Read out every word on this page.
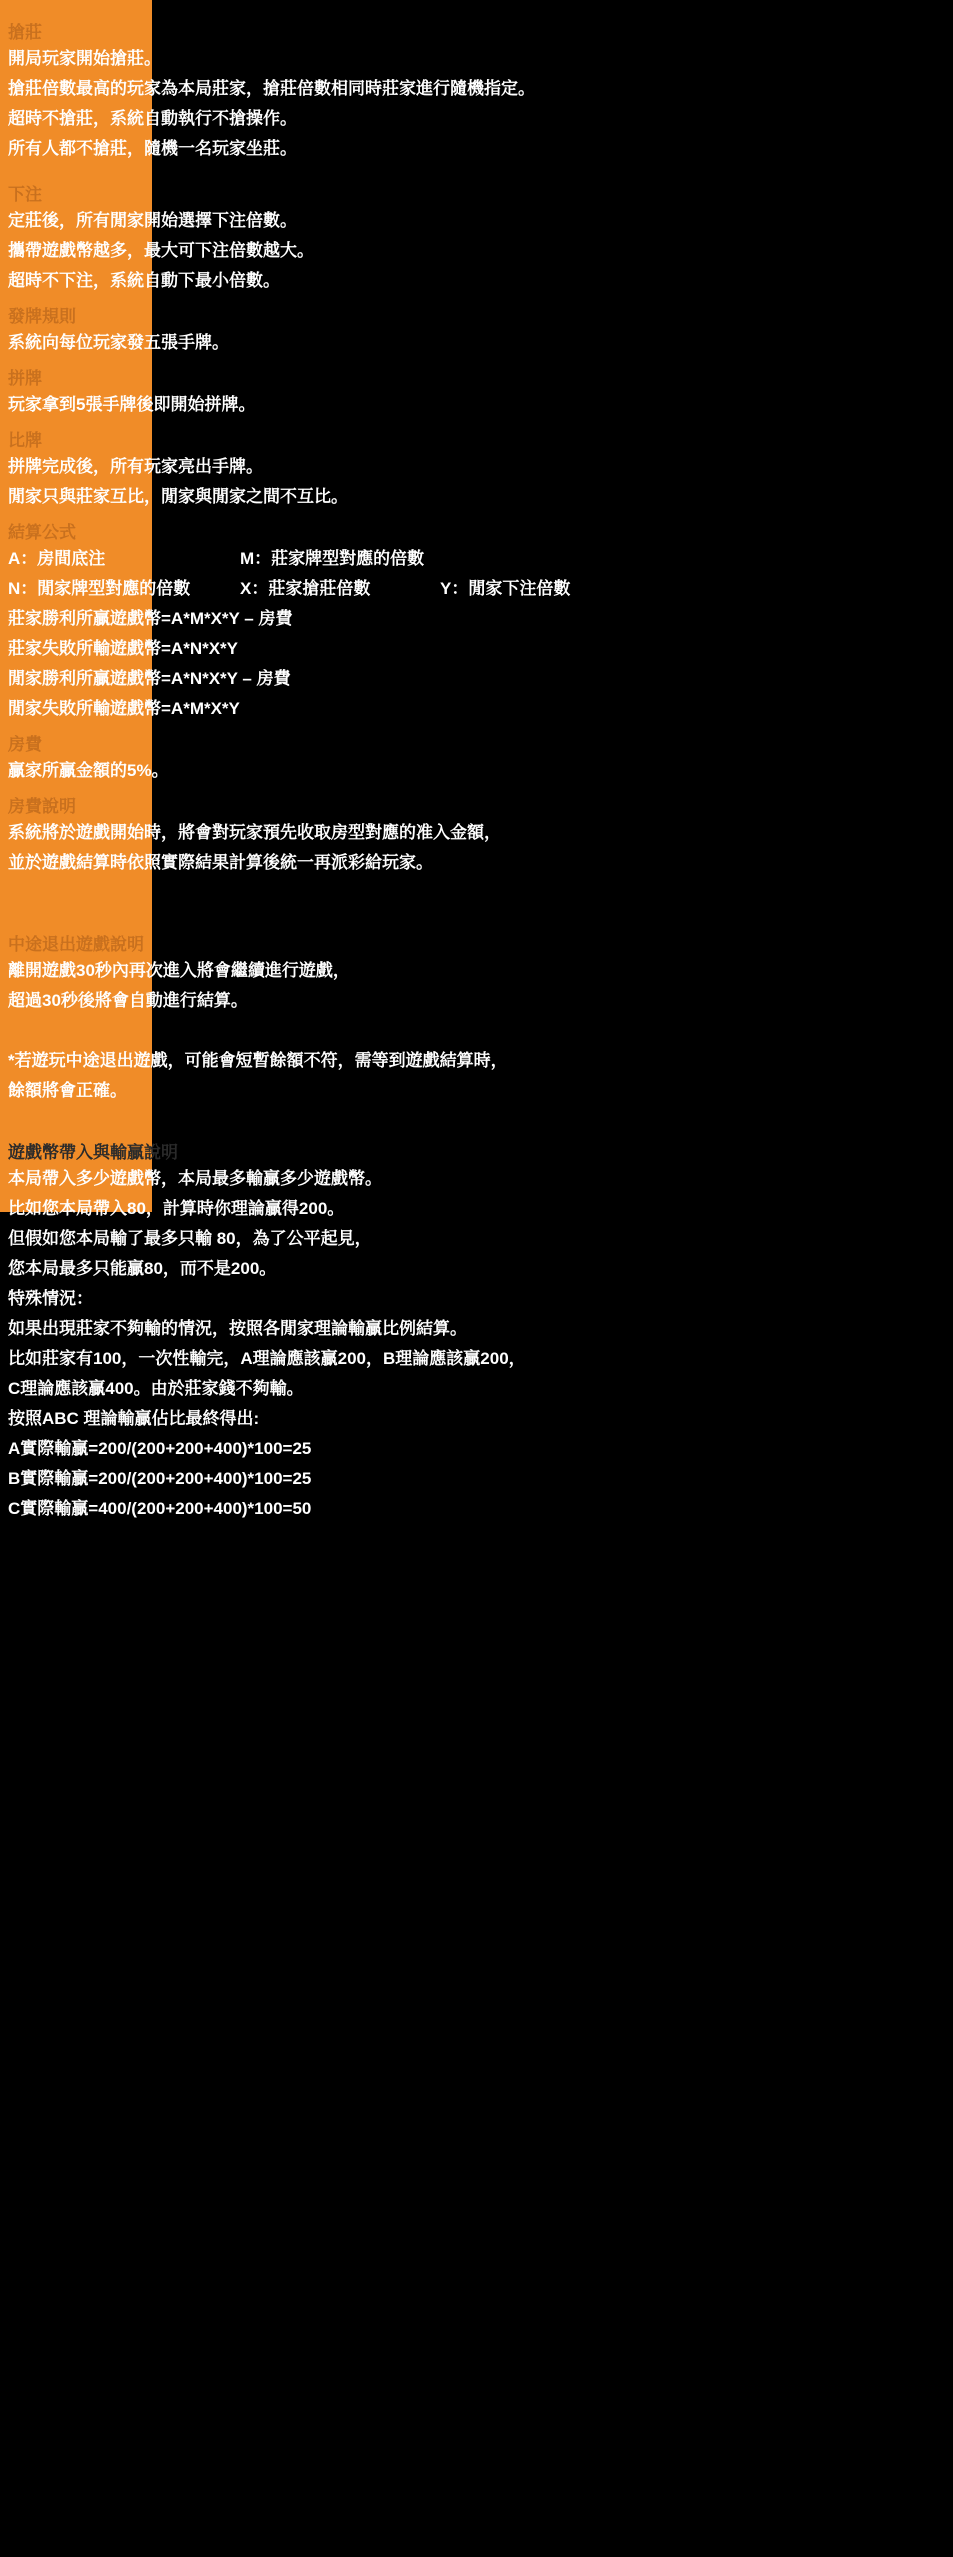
搶莊
開局玩家開始搶莊。
搶莊倍數最高的玩家為本局莊家，搶莊倍數相同時莊家進行隨機指定。
超時不搶莊，系統自動執行不搶操作。
所有人都不搶莊，隨機一名玩家坐莊。
下注
定莊後，所有閒家開始選擇下注倍數。
攜帶遊戲幣越多，最大可下注倍數越大。
超時不下注，系統自動下最小倍數。
發牌規則
系統向每位玩家發五張手牌。
拼牌
玩家拿到5張手牌後即開始拼牌。
比牌
拼牌完成後，所有玩家亮出手牌。
閒家只與莊家互比，閒家與閒家之間不互比。
結算公式
A：房間底注	M：莊家牌型對應的倍數
N：閒家牌型對應的倍數	X：莊家搶莊倍數	Y：閒家下注倍數
莊家勝利所贏遊戲幣=A*M*X*Y – 房費
莊家失敗所輸遊戲幣=A*N*X*Y
閒家勝利所贏遊戲幣=A*N*X*Y – 房費
閒家失敗所輸遊戲幣=A*M*X*Y
房費
贏家所贏金額的5%。
房費說明
系統將於遊戲開始時，將會對玩家預先收取房型對應的准入金額，
並於遊戲結算時依照實際結果計算後統一再派彩給玩家。
中途退出遊戲說明
離開遊戲30秒內再次進入將會繼續進行遊戲，
超過30秒後將會自動進行結算。

*若遊玩中途退出遊戲，可能會短暫餘額不符，需等到遊戲結算時，
餘額將會正確。
遊戲幣帶入與輸贏說明
本局帶入多少遊戲幣，本局最多輸贏多少遊戲幣。
比如您本局帶入80，計算時你理論贏得200。
但假如您本局輸了最多只輸 80，為了公平起見，
您本局最多只能贏80，而不是200。
特殊情況：
如果出現莊家不夠輸的情況，按照各閒家理論輸贏比例結算。
比如莊家有100，一次性輸完，A理論應該贏200，B理論應該贏200，
C理論應該贏400。由於莊家錢不夠輸。
按照ABC 理論輸贏佔比最終得出:
A實際輸贏=200/(200+200+400)*100=25
B實際輸贏=200/(200+200+400)*100=25
C實際輸贏=400/(200+200+400)*100=50
